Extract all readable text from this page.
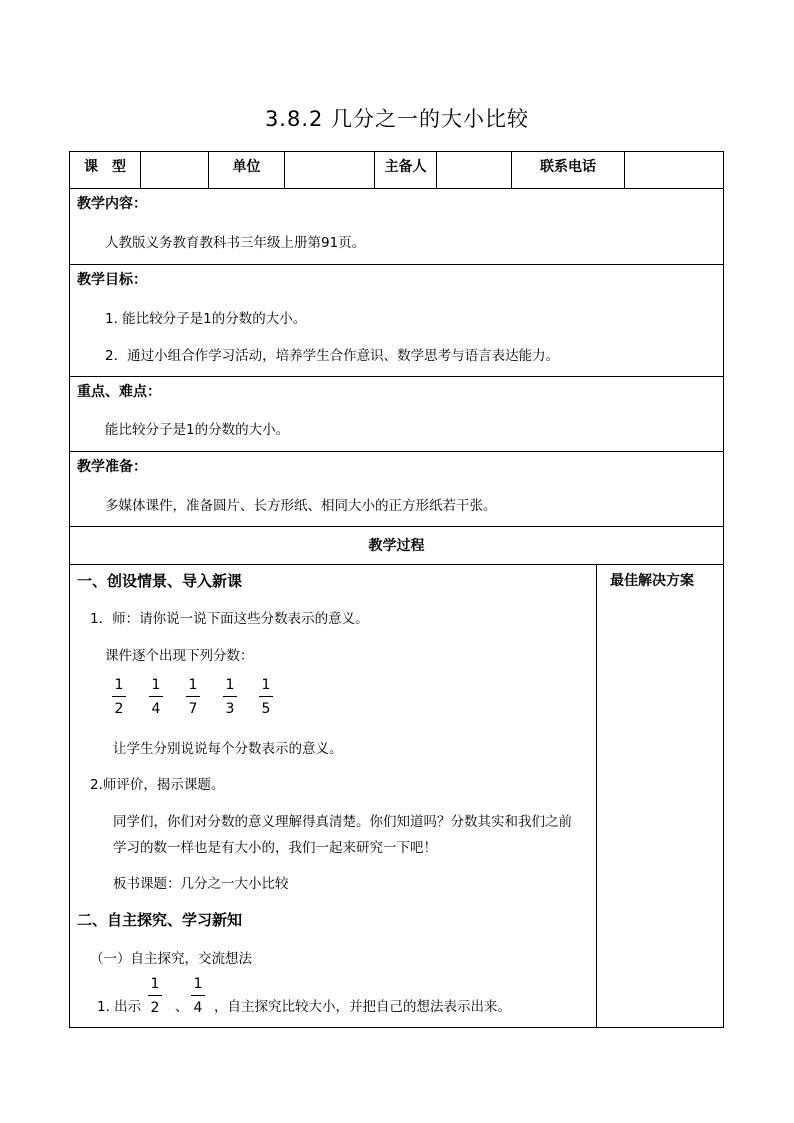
3.8.2 几分之一的大小比较
课　型	单位	主备人	联系电话
教学内容：
人教版义务教育教科书三年级上册第91页。
教学目标：
1. 能比较分子是1的分数的大小。
2．通过小组合作学习活动，培养学生合作意识、数学思考与语言表达能力。
重点、难点：
能比较分子是1的分数的大小。
教学准备：
多媒体课件，准备圆片、长方形纸、相同大小的正方形纸若干张。
教学过程
一、创设情景、导入新课
1．师：请你说一说下面这些分数表示的意义。
课件逐个出现下列分数：
1
2
1
4
1
7
1
3
1
5
让学生分别说说每个分数表示的意义。
2.师评价，揭示课题。
同学们，你们对分数的意义理解得真清楚。你们知道吗？分数其实和我们之前
学习的数一样也是有大小的，我们一起来研究一下吧！
板书课题：几分之一大小比较
二、自主探究、学习新知
（一）自主探究，交流想法
1. 出示
1
2 、
1
4 ，自主探究比较大小，并把自己的想法表示出来。
最佳解决方案
